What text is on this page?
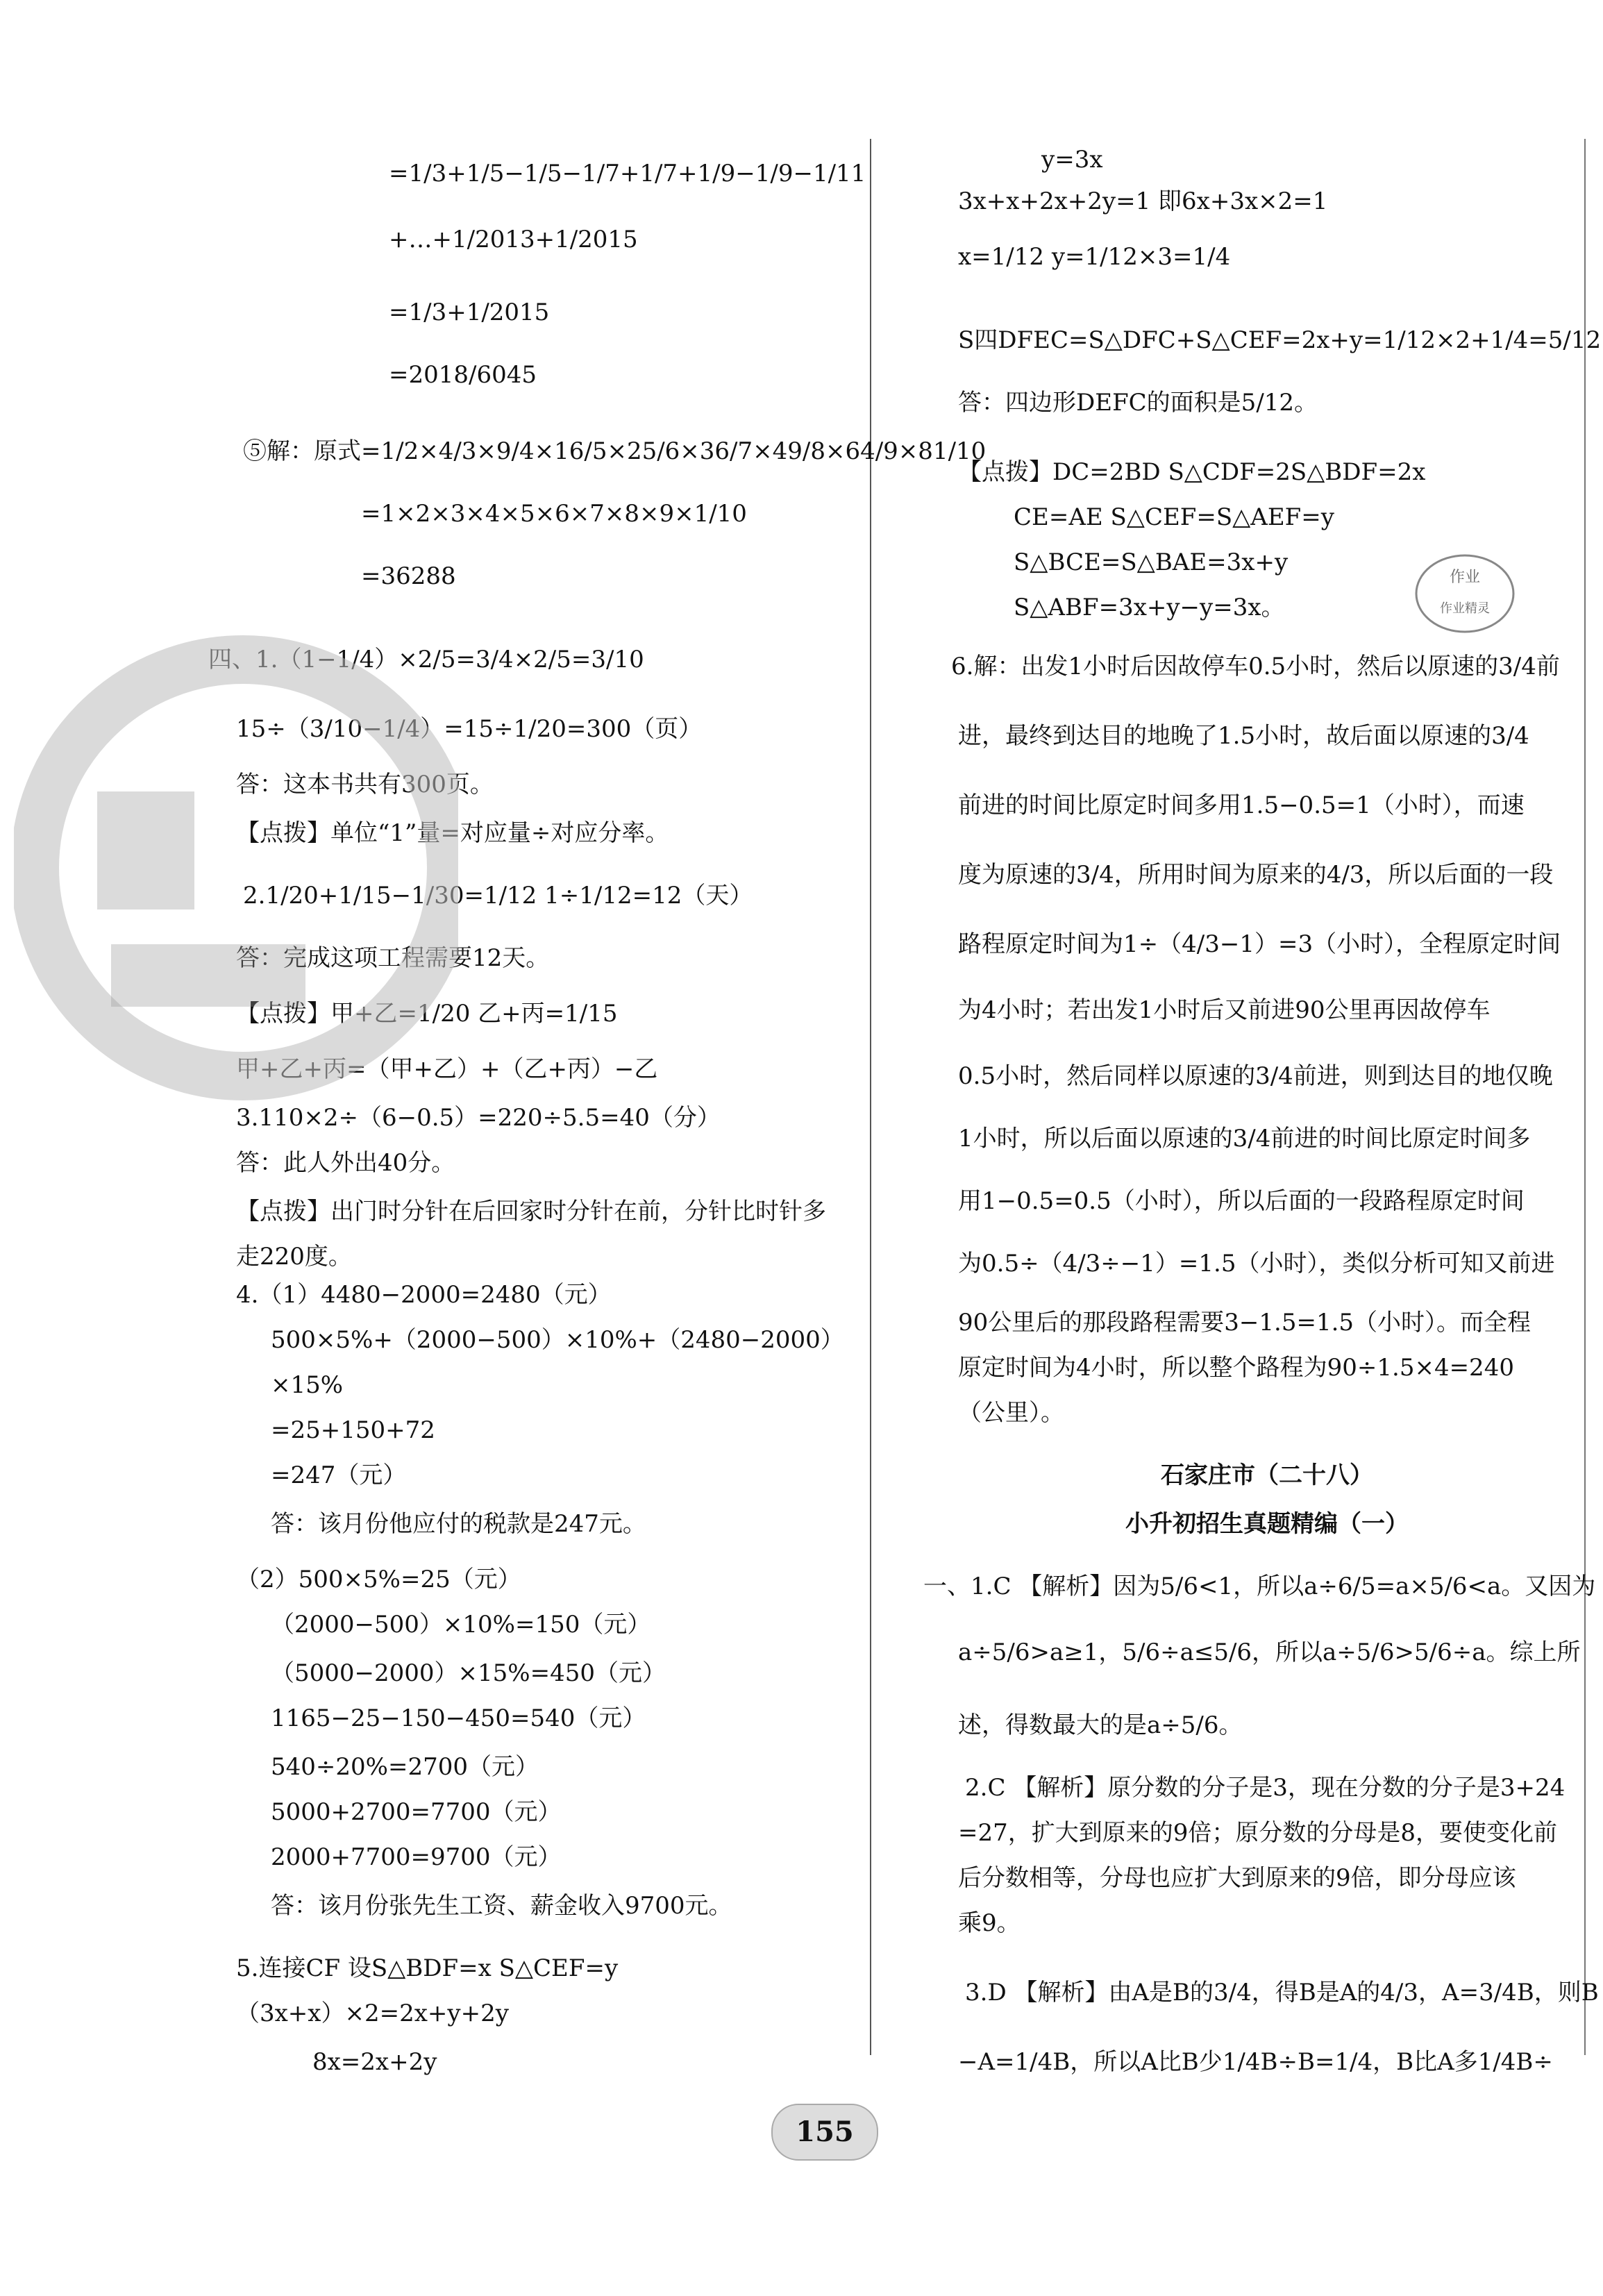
=1/3+1/5−1/5−1/7+1/7+1/9−1/9−1/11
+…+1/2013+1/2015
=1/3+1/2015
=2018/6045
⑤解：原式=1/2×4/3×9/4×16/5×25/6×36/7×49/8×64/9×81/10
=1×2×3×4×5×6×7×8×9×1/10
=36288
四、1.（1−1/4）×2/5=3/4×2/5=3/10
15÷（3/10−1/4）=15÷1/20=300（页）
答：这本书共有300页。
【点拨】单位“1”量=对应量÷对应分率。
2.1/20+1/15−1/30=1/12 1÷1/12=12（天）
答：完成这项工程需要12天。
【点拨】甲+乙=1/20 乙+丙=1/15
甲+乙+丙=（甲+乙）+（乙+丙）−乙
3.110×2÷（6−0.5）=220÷5.5=40（分）
答：此人外出40分。
【点拨】出门时分针在后回家时分针在前，分针比时针多
走220度。
4.（1）4480−2000=2480（元）
500×5%+（2000−500）×10%+（2480−2000）
×15%
=25+150+72
=247（元）
答：该月份他应付的税款是247元。
（2）500×5%=25（元）
（2000−500）×10%=150（元）
（5000−2000）×15%=450（元）
1165−25−150−450=540（元）
540÷20%=2700（元）
5000+2700=7700（元）
2000+7700=9700（元）
答：该月份张先生工资、薪金收入9700元。
5.连接CF 设S△BDF=x S△CEF=y
（3x+x）×2=2x+y+2y
8x=2x+2y
y=3x
3x+x+2x+2y=1 即6x+3x×2=1
x=1/12 y=1/12×3=1/4
S四DFEC=S△DFC+S△CEF=2x+y=1/12×2+1/4=5/12
答：四边形DEFC的面积是5/12。
【点拨】DC=2BD S△CDF=2S△BDF=2x
CE=AE S△CEF=S△AEF=y
S△BCE=S△BAE=3x+y
S△ABF=3x+y−y=3x。
6.解：出发1小时后因故停车0.5小时，然后以原速的3/4前
进，最终到达目的地晚了1.5小时，故后面以原速的3/4
前进的时间比原定时间多用1.5−0.5=1（小时），而速
度为原速的3/4，所用时间为原来的4/3，所以后面的一段
路程原定时间为1÷（4/3−1）=3（小时），全程原定时间
为4小时；若出发1小时后又前进90公里再因故停车
0.5小时，然后同样以原速的3/4前进，则到达目的地仅晚
1小时，所以后面以原速的3/4前进的时间比原定时间多
用1−0.5=0.5（小时），所以后面的一段路程原定时间
为0.5÷（4/3÷−1）=1.5（小时），类似分析可知又前进
90公里后的那段路程需要3−1.5=1.5（小时）。而全程
原定时间为4小时，所以整个路程为90÷1.5×4=240
（公里）。
石家庄市（二十八）
小升初招生真题精编（一）
一、1.C 【解析】因为5/6<1，所以a÷6/5=a×5/6<a。又因为
a÷5/6>a≥1，5/6÷a≤5/6，所以a÷5/6>5/6÷a。综上所
述，得数最大的是a÷5/6。
2.C 【解析】原分数的分子是3，现在分数的分子是3+24
=27，扩大到原来的9倍；原分数的分母是8，要使变化前
后分数相等，分母也应扩大到原来的9倍，即分母应该
乘9。
3.D 【解析】由A是B的3/4，得B是A的4/3，A=3/4B，则B
−A=1/4B，所以A比B少1/4B÷B=1/4，B比A多1/4B÷
作业
作业精灵
155
